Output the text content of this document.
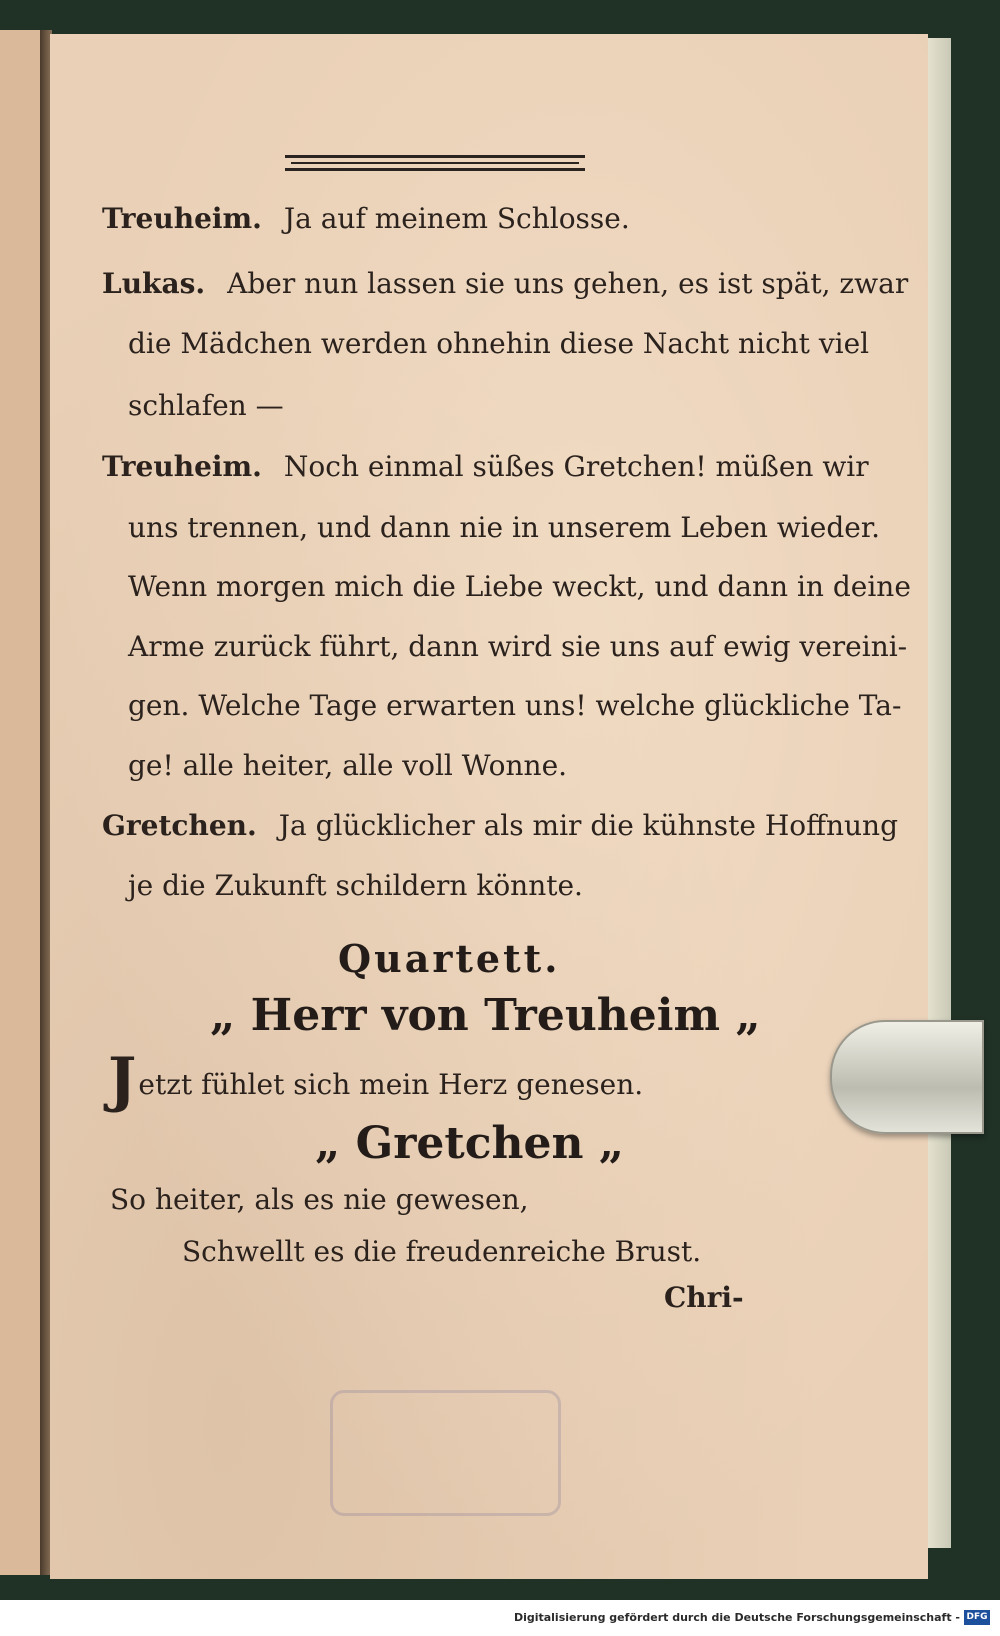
Treuheim. Ja auf meinem Schlosse.
Lukas. Aber nun lassen sie uns gehen, es ist spät, zwar
die Mädchen werden ohnehin diese Nacht nicht viel
schlafen —
Treuheim. Noch einmal süßes Gretchen! müßen wir
uns trennen, und dann nie in unserem Leben wieder.
Wenn morgen mich die Liebe weckt, und dann in deine
Arme zurück führt, dann wird sie uns auf ewig vereini-
gen. Welche Tage erwarten uns! welche glückliche Ta-
ge! alle heiter, alle voll Wonne.
Gretchen. Ja glücklicher als mir die kühnste Hoffnung
je die Zukunft schildern könnte.
Quartett.
„ Herr von Treuheim „
Jetzt fühlet sich mein Herz genesen.
„ Gretchen „
So heiter, als es nie gewesen,
Schwellt es die freudenreiche Brust.
Chri-
Digitalisierung gefördert durch die Deutsche Forschungsgemeinschaft - DFG
